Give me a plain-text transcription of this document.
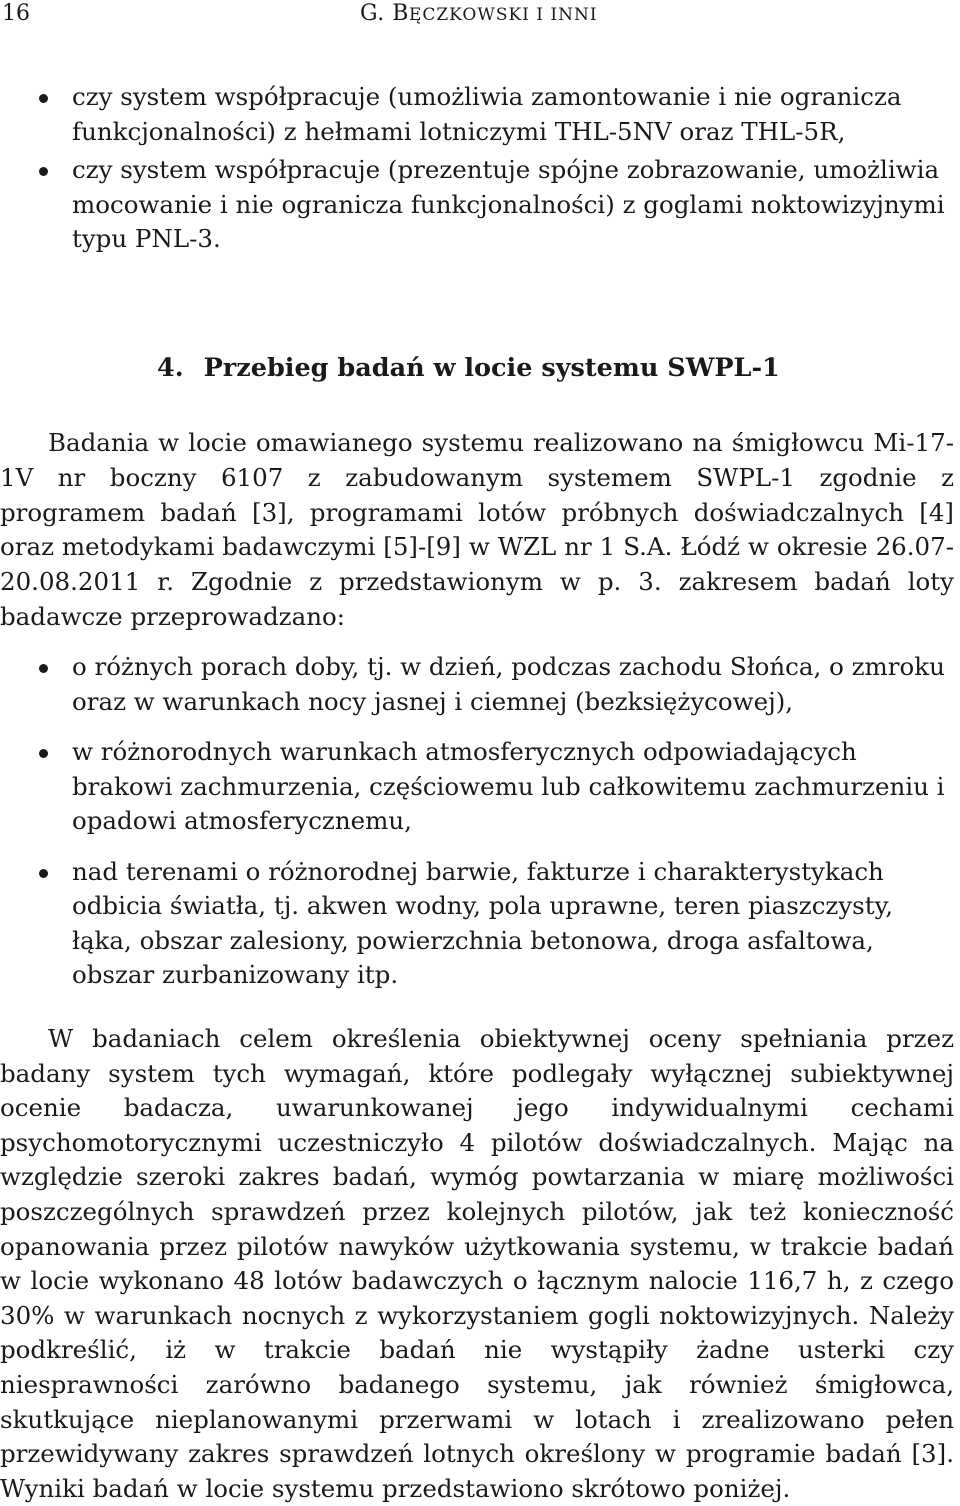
16	G. BĘCZKOWSKI I INNI
czy system współpracuje (umożliwia zamontowanie i nie ogranicza funkcjonalności) z hełmami lotniczymi THL-5NV oraz THL-5R,
czy system współpracuje (prezentuje spójne zobrazowanie, umożliwia mocowanie i nie ogranicza funkcjonalności) z goglami noktowizyjnymi typu PNL-3.
4. Przebieg badań w locie systemu SWPL-1

Badania w locie omawianego systemu realizowano na śmigłowcu Mi-17-1V nr boczny 6107 z zabudowanym systemem SWPL-1 zgodnie z programem badań [3], programami lotów próbnych doświadczalnych [4] oraz metodykami badawczymi [5]-[9] w WZL nr 1 S.A. Łódź w okresie 26.07-20.08.2011 r. Zgodnie z przedstawionym w p. 3. zakresem badań loty badawcze przeprowadzano:

o różnych porach doby, tj. w dzień, podczas zachodu Słońca, o zmroku oraz w warunkach nocy jasnej i ciemnej (bezksiężycowej),
w różnorodnych warunkach atmosferycznych odpowiadających brakowi zachmurzenia, częściowemu lub całkowitemu zachmurzeniu i opadowi atmosferycznemu,
nad terenami o różnorodnej barwie, fakturze i charakterystykach odbicia światła, tj. akwen wodny, pola uprawne, teren piaszczysty, łąka, obszar zalesiony, powierzchnia betonowa, droga asfaltowa, obszar zurbanizowany itp.

W badaniach celem określenia obiektywnej oceny spełniania przez badany system tych wymagań, które podlegały wyłącznej subiektywnej ocenie badacza, uwarunkowanej jego indywidualnymi cechami psychomotorycznymi uczestniczyło 4 pilotów doświadczalnych. Mając na względzie szeroki zakres badań, wymóg powtarzania w miarę możliwości poszczególnych sprawdzeń przez kolejnych pilotów, jak też konieczność opanowania przez pilotów nawyków użytkowania systemu, w trakcie badań w locie wykonano 48 lotów badawczych o łącznym nalocie 116,7 h, z czego 30% w warunkach nocnych z wykorzystaniem gogli noktowizyjnych. Należy podkreślić, iż w trakcie badań nie wystąpiły żadne usterki czy niesprawności zarówno badanego systemu, jak również śmigłowca, skutkujące nieplanowanymi przerwami w lotach i zrealizowano pełen przewidywany zakres sprawdzeń lotnych określony w programie badań [3]. Wyniki badań w locie systemu przedstawiono skrótowo poniżej.
